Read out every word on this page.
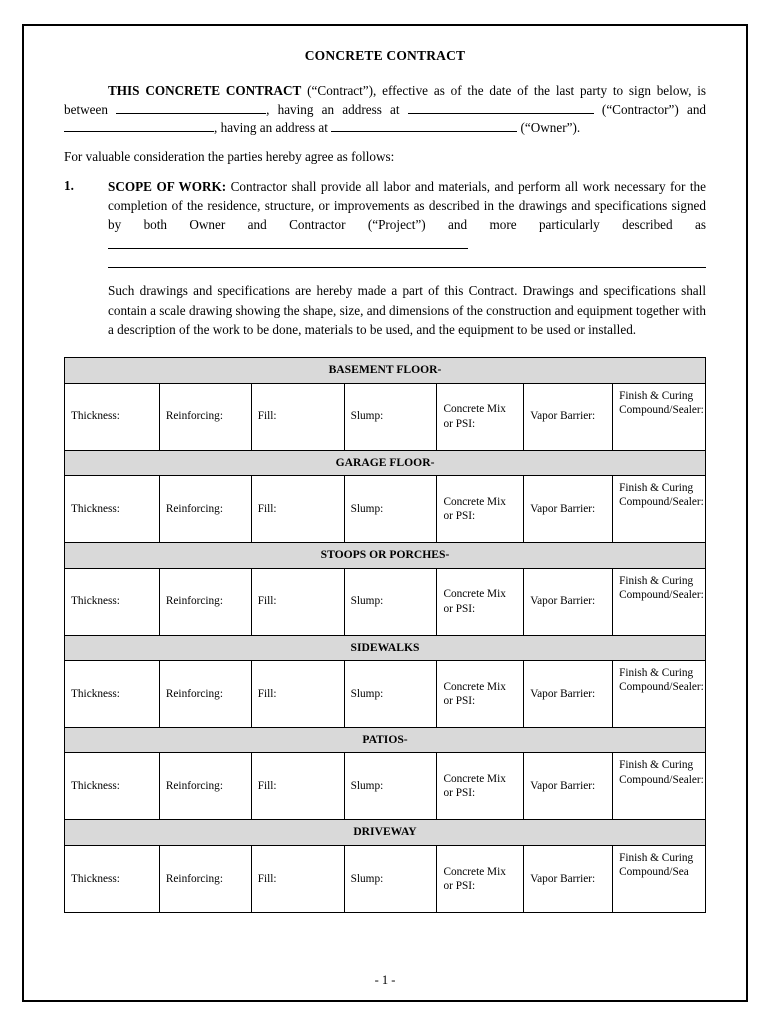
CONCRETE CONTRACT

THIS CONCRETE CONTRACT (“Contract”), effective as of the date of the last party to sign below, is between	, having an address at	(“Contractor”) and , having an address at	(“Owner”).

For valuable consideration the parties hereby agree as follows:

1.	SCOPE OF WORK: Contractor shall provide all labor and materials, and perform all work necessary for the completion of the residence, structure, or improvements as described in the drawings and specifications signed by both Owner and Contractor (“Project”) and more particularly described as

Such drawings and specifications are hereby made a part of this Contract. Drawings and specifications shall contain a scale drawing showing the shape, size, and dimensions of the construction and equipment together with a description of the work to be done, materials to be used, and the equipment to be used or installed.

BASEMENT FLOOR-						
Thickness:	Reinforcing:	Fill:	Slump:	Concrete Mix or PSI:	Vapor Barrier:	Finish & Curing Compound/Sealer:
GARAGE FLOOR-						
Thickness:	Reinforcing:	Fill:	Slump:	Concrete Mix or PSI:	Vapor Barrier:	Finish & Curing Compound/Sealer:
STOOPS OR PORCHES-						
Thickness:	Reinforcing:	Fill:	Slump:	Concrete Mix or PSI:	Vapor Barrier:	Finish & Curing Compound/Sealer:
SIDEWALKS						
Thickness:	Reinforcing:	Fill:	Slump:	Concrete Mix or PSI:	Vapor Barrier:	Finish & Curing Compound/Sealer:
PATIOS-						
Thickness:	Reinforcing:	Fill:	Slump:	Concrete Mix or PSI:	Vapor Barrier:	Finish & Curing Compound/Sealer:
DRIVEWAY						
Thickness:	Reinforcing:	Fill:	Slump:	Concrete Mix or PSI:	Vapor Barrier:	Finish & Curing Compound/Sea
- 1 -
